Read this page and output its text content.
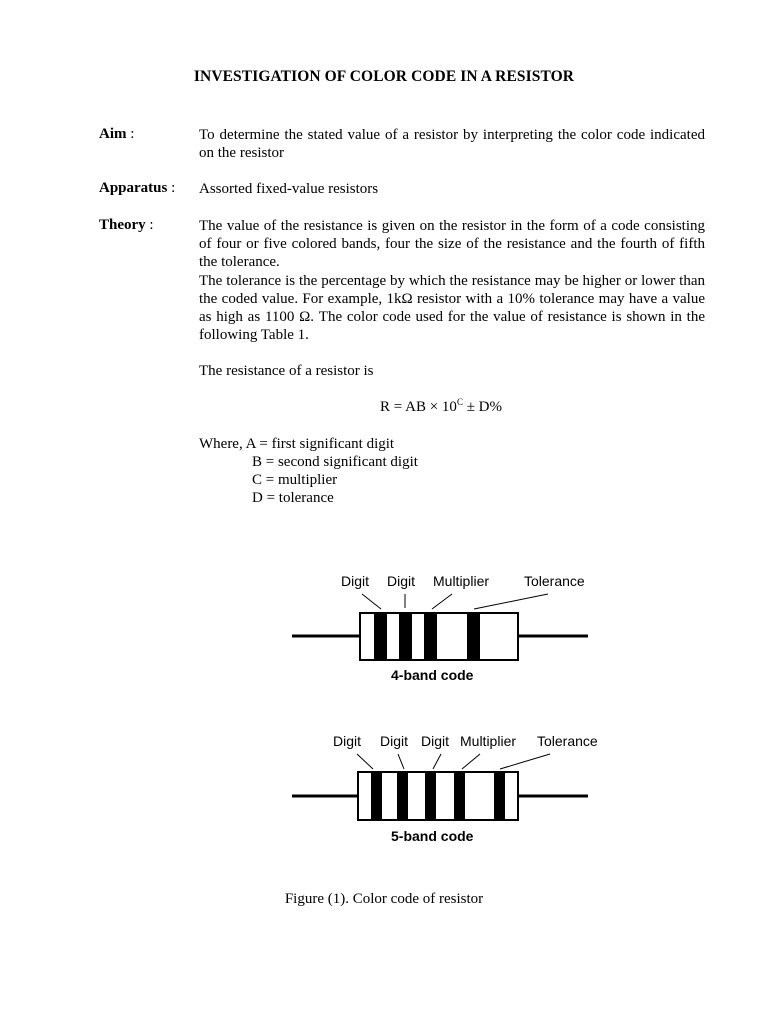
INVESTIGATION OF COLOR CODE IN A RESISTOR
Aim :	To determine the stated value of a resistor by interpreting the color code indicated on the resistor
Apparatus : Assorted fixed-value resistors
Theory :	The value of the resistance is given on the resistor in the form of a code consisting of four or five colored bands, four the size of the resistance and the fourth of fifth the tolerance.

The tolerance is the percentage by which the resistance may be higher or lower than the coded value. For example, 1kΩ resistor with a 10% tolerance may have a value as high as 1100 Ω. The color code used for the value of resistance is shown in the following Table 1.

The resistance of a resistor is
R = AB × $10^C \pm D\%$
Where, A = first significant digit
B = second significant digit
C = multiplier
D = tolerance
Digit Digit Multiplier Tolerance
4-band code
Digit Digit Digit Multiplier Tolerance
5-band code
Figure (1). Color code of resistor
